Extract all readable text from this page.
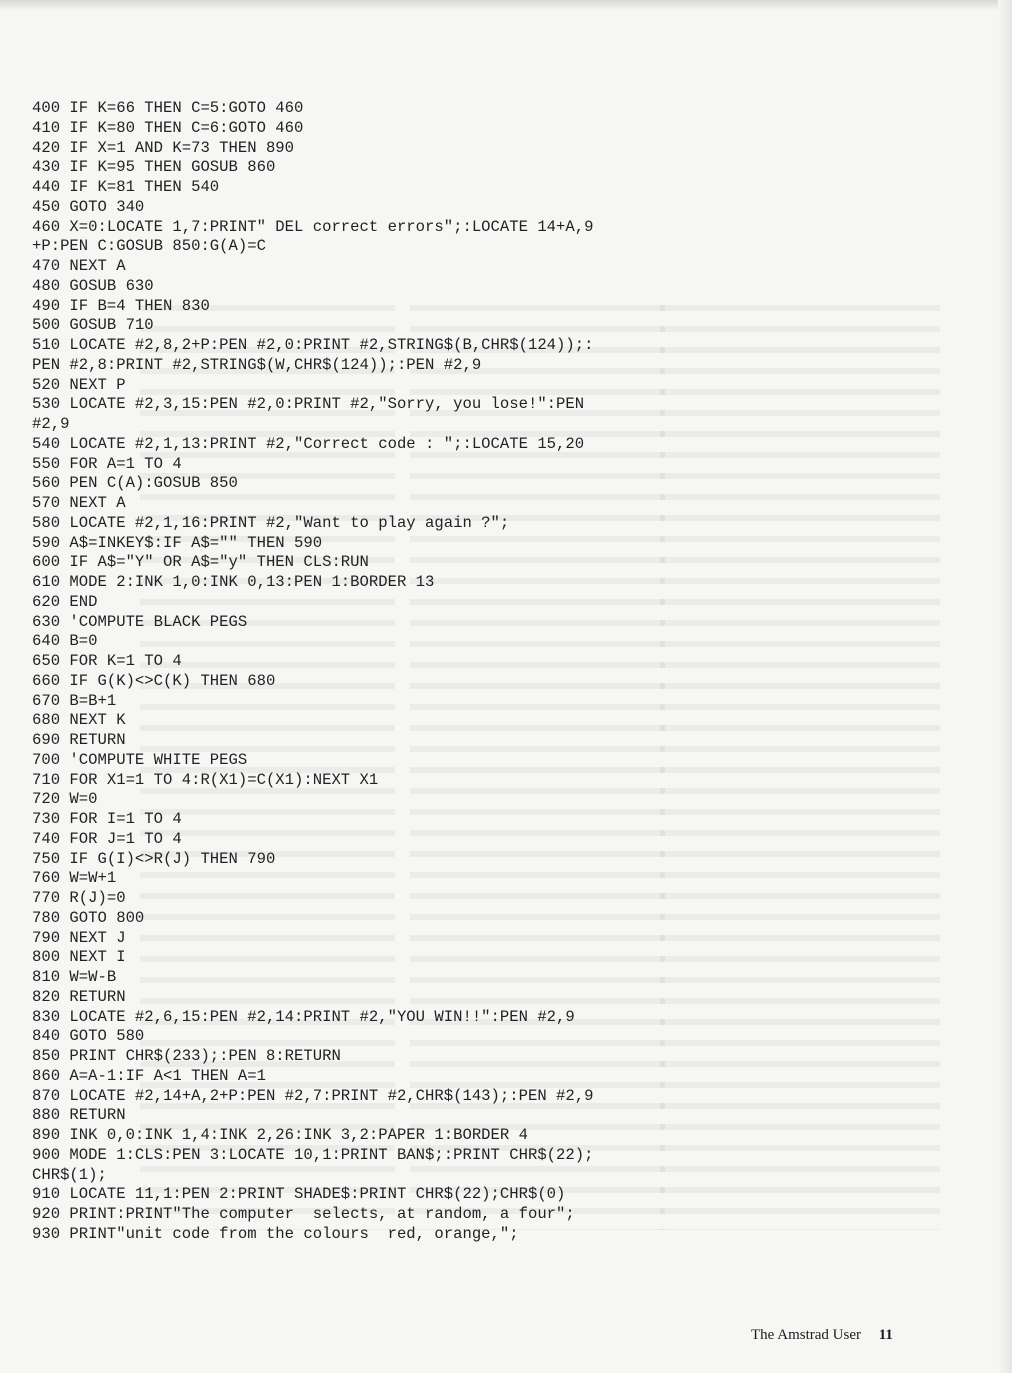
400 IF K=66 THEN C=5:GOTO 460
410 IF K=80 THEN C=6:GOTO 460
420 IF X=1 AND K=73 THEN 890
430 IF K=95 THEN GOSUB 860
440 IF K=81 THEN 540
450 GOTO 340
460 X=0:LOCATE 1,7:PRINT" DEL correct errors";:LOCATE 14+A,9
+P:PEN C:GOSUB 850:G(A)=C
470 NEXT A
480 GOSUB 630
490 IF B=4 THEN 830
500 GOSUB 710
510 LOCATE #2,8,2+P:PEN #2,0:PRINT #2,STRING$(B,CHR$(124));:
PEN #2,8:PRINT #2,STRING$(W,CHR$(124));:PEN #2,9
520 NEXT P
530 LOCATE #2,3,15:PEN #2,0:PRINT #2,"Sorry, you lose!":PEN
#2,9
540 LOCATE #2,1,13:PRINT #2,"Correct code : ";:LOCATE 15,20
550 FOR A=1 TO 4
560 PEN C(A):GOSUB 850
570 NEXT A
580 LOCATE #2,1,16:PRINT #2,"Want to play again ?";
590 A$=INKEY$:IF A$="" THEN 590
600 IF A$="Y" OR A$="y" THEN CLS:RUN
610 MODE 2:INK 1,0:INK 0,13:PEN 1:BORDER 13
620 END
630 'COMPUTE BLACK PEGS
640 B=0
650 FOR K=1 TO 4
660 IF G(K)<>C(K) THEN 680
670 B=B+1
680 NEXT K
690 RETURN
700 'COMPUTE WHITE PEGS
710 FOR X1=1 TO 4:R(X1)=C(X1):NEXT X1
720 W=0
730 FOR I=1 TO 4
740 FOR J=1 TO 4
750 IF G(I)<>R(J) THEN 790
760 W=W+1
770 R(J)=0
780 GOTO 800
790 NEXT J
800 NEXT I
810 W=W-B
820 RETURN
830 LOCATE #2,6,15:PEN #2,14:PRINT #2,"YOU WIN!!":PEN #2,9
840 GOTO 580
850 PRINT CHR$(233);:PEN 8:RETURN
860 A=A-1:IF A<1 THEN A=1
870 LOCATE #2,14+A,2+P:PEN #2,7:PRINT #2,CHR$(143);:PEN #2,9
880 RETURN
890 INK 0,0:INK 1,4:INK 2,26:INK 3,2:PAPER 1:BORDER 4
900 MODE 1:CLS:PEN 3:LOCATE 10,1:PRINT BAN$;:PRINT CHR$(22);
CHR$(1);
910 LOCATE 11,1:PEN 2:PRINT SHADE$:PRINT CHR$(22);CHR$(0)
920 PRINT:PRINT"The computer  selects, at random, a four";
930 PRINT"unit code from the colours  red, orange,";
The Amstrad User 11
